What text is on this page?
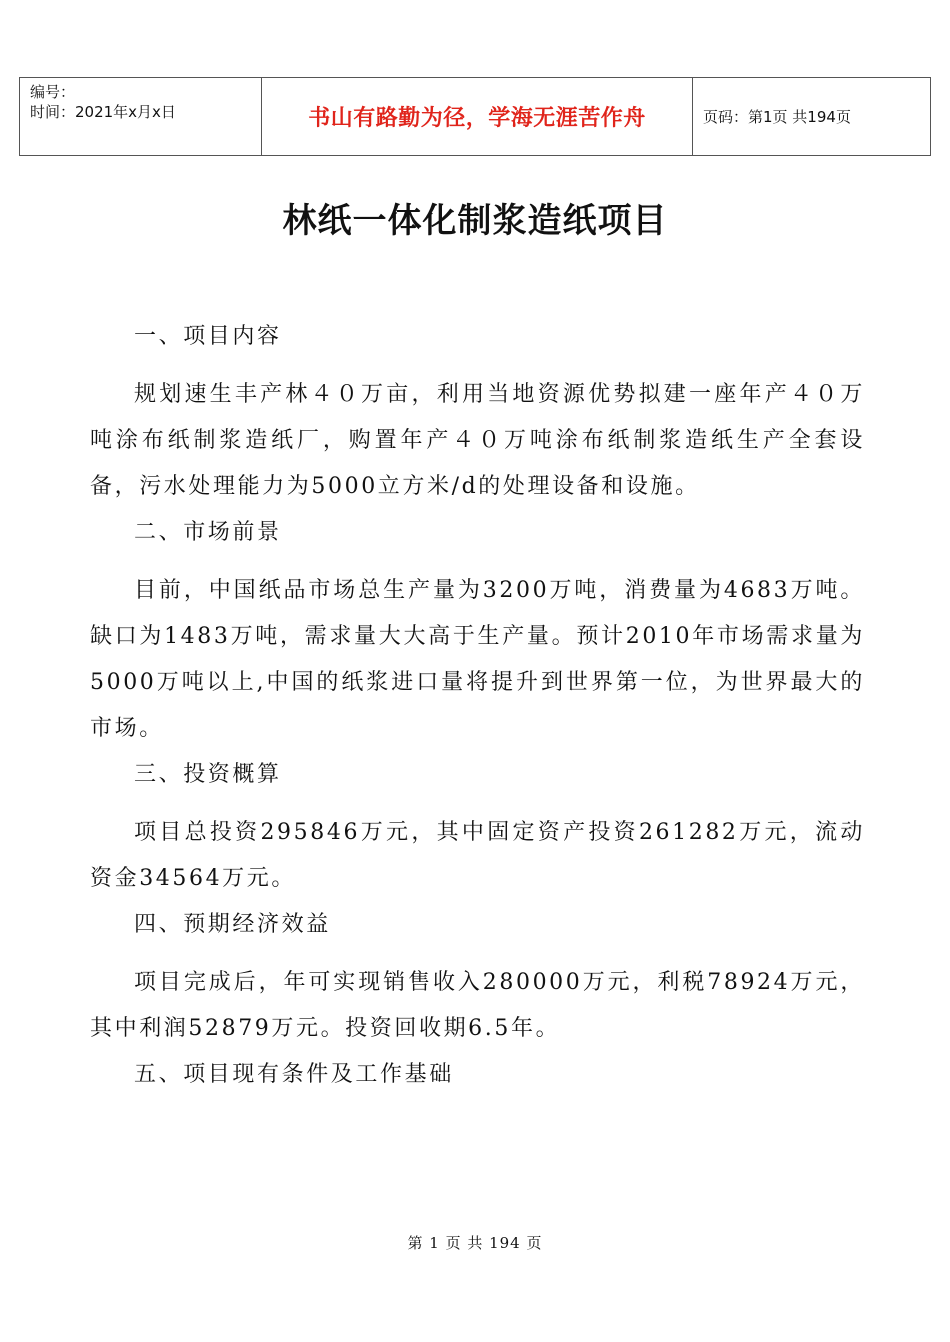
编号：
时间：2021年x月x日	书山有路勤为径，学海无涯苦作舟	页码：第1页 共194页
林纸一体化制浆造纸项目

一、项目内容

规划速生丰产林４０万亩，利用当地资源优势拟建一座年产４０万吨涂布纸制浆造纸厂，购置年产４０万吨涂布纸制浆造纸生产全套设备，污水处理能力为5000立方米/d的处理设备和设施。

二、市场前景

目前，中国纸品市场总生产量为3200万吨，消费量为4683万吨。缺口为1483万吨，需求量大大高于生产量。预计2010年市场需求量为5000万吨以上,中国的纸浆进口量将提升到世界第一位，为世界最大的市场。

三、投资概算

项目总投资295846万元，其中固定资产投资261282万元，流动资金34564万元。

四、预期经济效益

项目完成后，年可实现销售收入280000万元，利税78924万元，其中利润52879万元。投资回收期6.5年。

五、项目现有条件及工作基础

第 1 页 共 194 页
